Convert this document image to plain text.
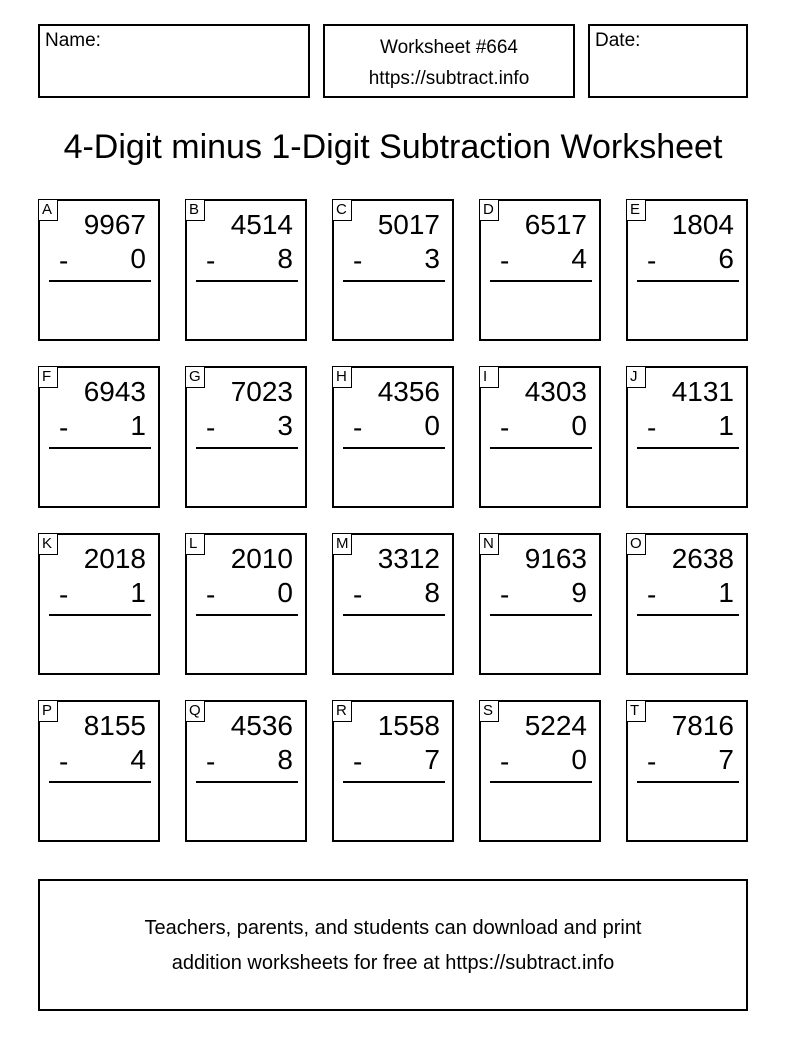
Name:	Worksheet #664
https://subtract.info
Date:
4-Digit minus 1-Digit Subtraction Worksheet
A 9967
- 0
B 4514
- 8
C 5017
- 3
D 6517
- 4
E 1804
- 6
F 6943
- 1
G 7023
- 3
H 4356
- 0
I	4303
- 0
J	4131
- 1
K 2018
- 1
L 2010
- 0
M 3312
- 8
N 9163
- 9
O 2638
- 1
P 8155
- 4
Q 4536
- 8
R 1558
- 7
S 5224
- 0
T 7816
- 7
Teachers, parents, and students can download and print
addition worksheets for free at https://subtract.info
